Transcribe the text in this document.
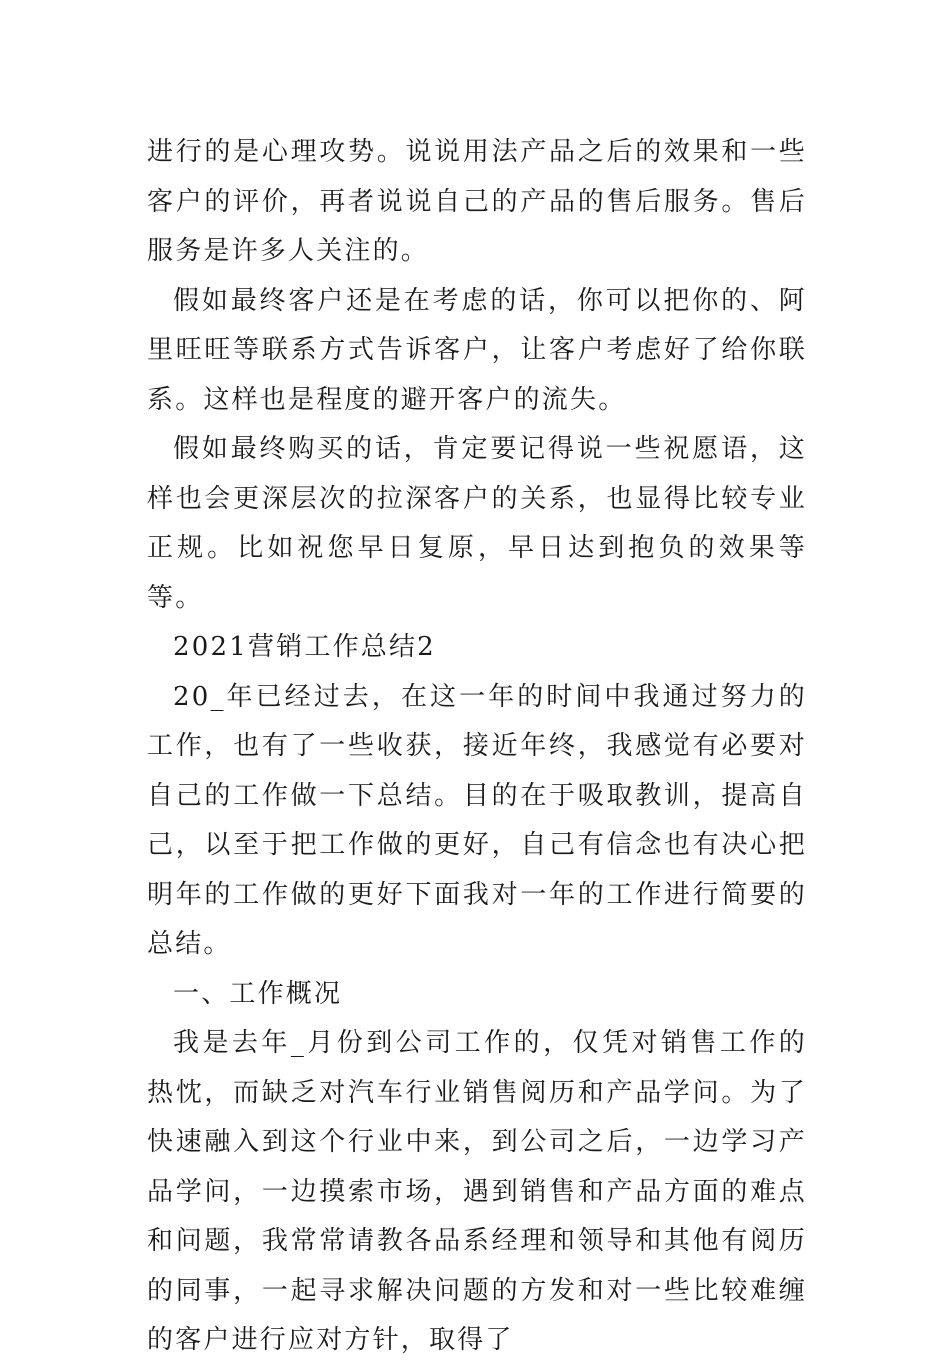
进行的是心理攻势。说说用法产品之后的效果和一些客户的评价，再者说说自己的产品的售后服务。售后服务是许多人关注的。

假如最终客户还是在考虑的话，你可以把你的、阿里旺旺等联系方式告诉客户，让客户考虑好了给你联系。这样也是程度的避开客户的流失。

假如最终购买的话，肯定要记得说一些祝愿语，这样也会更深层次的拉深客户的关系，也显得比较专业正规。比如祝您早日复原，早日达到抱负的效果等等。

2021营销工作总结2

20_年已经过去，在这一年的时间中我通过努力的工作，也有了一些收获，接近年终，我感觉有必要对自己的工作做一下总结。目的在于吸取教训，提高自己，以至于把工作做的更好，自己有信念也有决心把明年的工作做的更好下面我对一年的工作进行简要的总结。

一、工作概况

我是去年_月份到公司工作的，仅凭对销售工作的热忱，而缺乏对汽车行业销售阅历和产品学问。为了快速融入到这个行业中来，到公司之后，一边学习产品学问，一边摸索市场，遇到销售和产品方面的难点和问题，我常常请教各品系经理和领导和其他有阅历的同事，一起寻求解决问题的方发和对一些比较难缠的客户进行应对方针，取得了
